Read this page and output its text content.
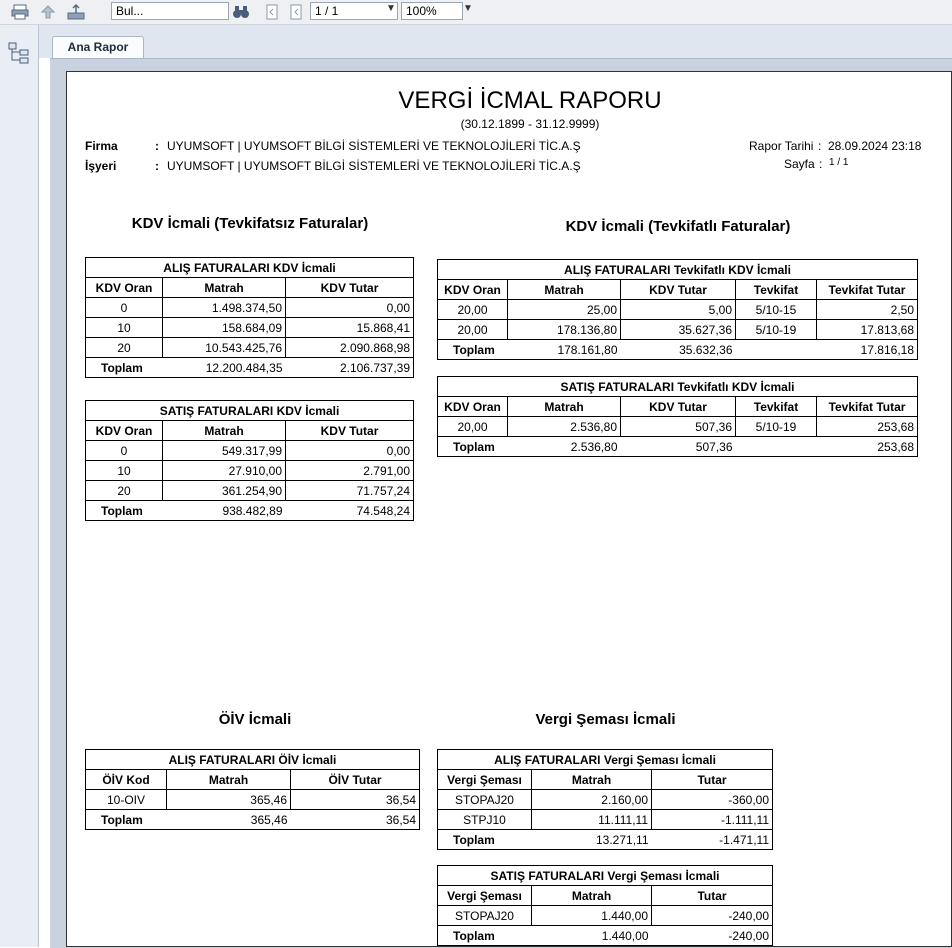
Bul...	1 / 1	▼ 100%	▼
Ana Rapor
VERGİ İCMAL RAPORU
(30.12.1899 - 31.12.9999)
Firma	: UYUMSOFT | UYUMSOFT BİLGİ SİSTEMLERİ VE TEKNOLOJİLERİ TİC.A.Ş
İşyeri	: UYUMSOFT | UYUMSOFT BİLGİ SİSTEMLERİ VE TEKNOLOJİLERİ TİC.A.Ş
Rapor Tarihi : 28.09.2024 23:18
Sayfa : 1 / 1
KDV İcmali (Tevkifatsız Faturalar)	KDV İcmali (Tevkifatlı Faturalar)
ÖİV İcmali	Vergi Şeması İcmali
ALIŞ FATURALARI KDV İcmali		
KDV Oran	Matrah	KDV Tutar
0	1.498.374,50	0,00
10	158.684,09	15.868,41
20	10.543.425,76	2.090.868,98
Toplam	12.200.484,35	2.106.737,39
SATIŞ FATURALARI KDV İcmali		
KDV Oran	Matrah	KDV Tutar
0	549.317,99	0,00
10	27.910,00	2.791,00
20	361.254,90	71.757,24
Toplam	938.482,89	74.548,24
ALIŞ FATURALARI Tevkifatlı KDV İcmali				
KDV Oran	Matrah	KDV Tutar	Tevkifat	Tevkifat Tutar
20,00	25,00	5,00	5/10-15	2,50
20,00	178.136,80	35.627,36	5/10-19	17.813,68
Toplam	178.161,80	35.632,36		17.816,18
SATIŞ FATURALARI Tevkifatlı KDV İcmali				
KDV Oran	Matrah	KDV Tutar	Tevkifat	Tevkifat Tutar
20,00	2.536,80	507,36	5/10-19	253,68
Toplam	2.536,80	507,36		253,68
ALIŞ FATURALARI ÖİV İcmali		
ÖİV Kod	Matrah	ÖİV Tutar
10-OIV	365,46	36,54
Toplam	365,46	36,54
ALIŞ FATURALARI Vergi Şeması İcmali		
Vergi Şeması	Matrah	Tutar
STOPAJ20	2.160,00	-360,00
STPJ10	11.111,11	-1.111,11
Toplam	13.271,11	-1.471,11
SATIŞ FATURALARI Vergi Şeması İcmali		
Vergi Şeması	Matrah	Tutar
STOPAJ20	1.440,00	-240,00
Toplam	1.440,00	-240,00
